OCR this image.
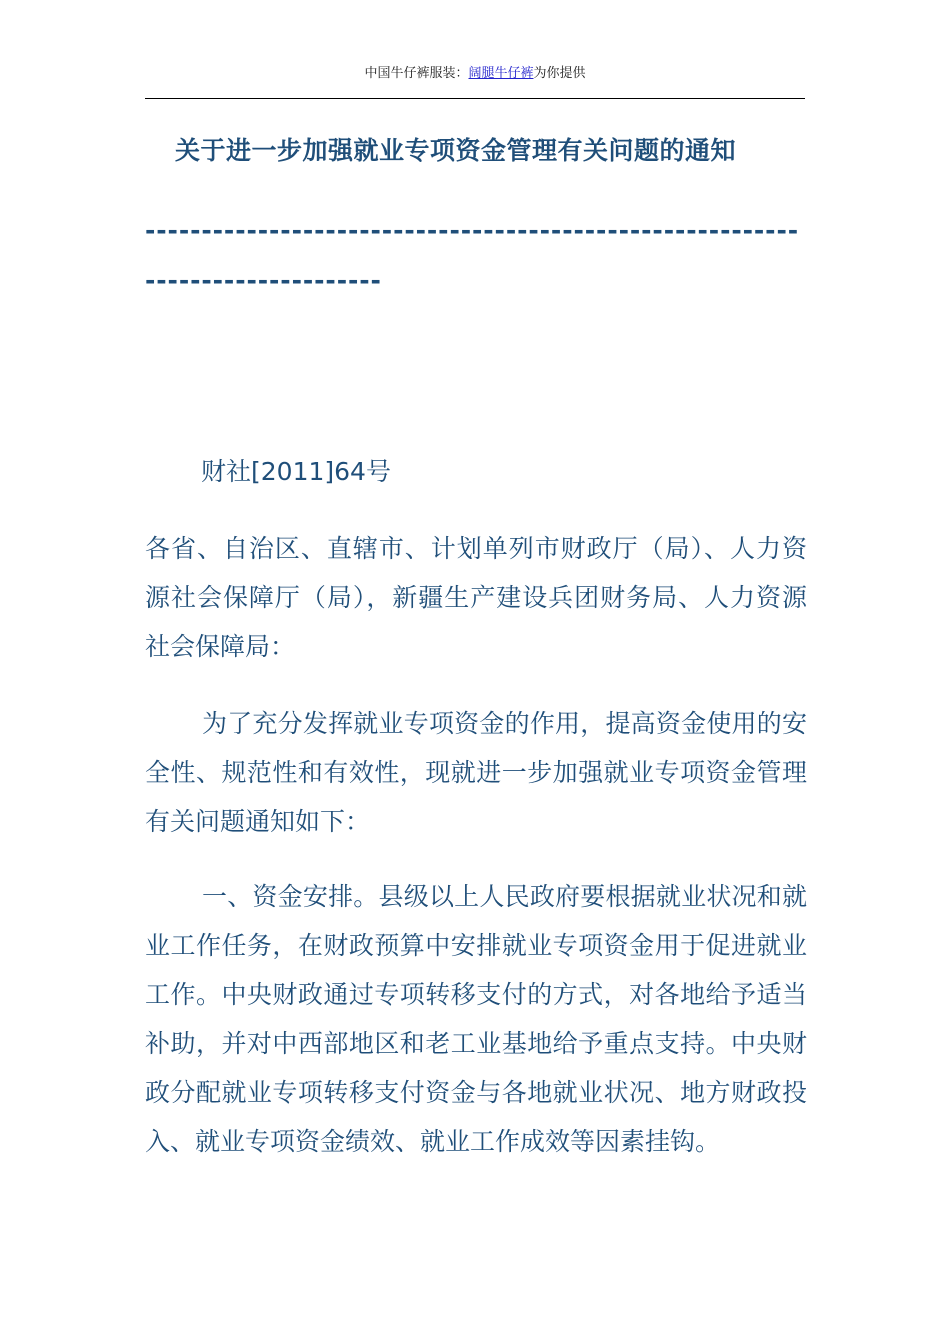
中国牛仔裤服装：阔腿牛仔裤为你提供
关于进一步加强就业专项资金管理有关问题的通知
-------------------------------------------------------------------------------
财社[2011]64号
各省、自治区、直辖市、计划单列市财政厅（局）、人力资源社会保障厅（局），新疆生产建设兵团财务局、人力资源社会保障局：
为了充分发挥就业专项资金的作用，提高资金使用的安全性、规范性和有效性，现就进一步加强就业专项资金管理有关问题通知如下：
一、资金安排。县级以上人民政府要根据就业状况和就业工作任务，在财政预算中安排就业专项资金用于促进就业工作。中央财政通过专项转移支付的方式，对各地给予适当补助，并对中西部地区和老工业基地给予重点支持。中央财政分配就业专项转移支付资金与各地就业状况、地方财政投入、就业专项资金绩效、就业工作成效等因素挂钩。
